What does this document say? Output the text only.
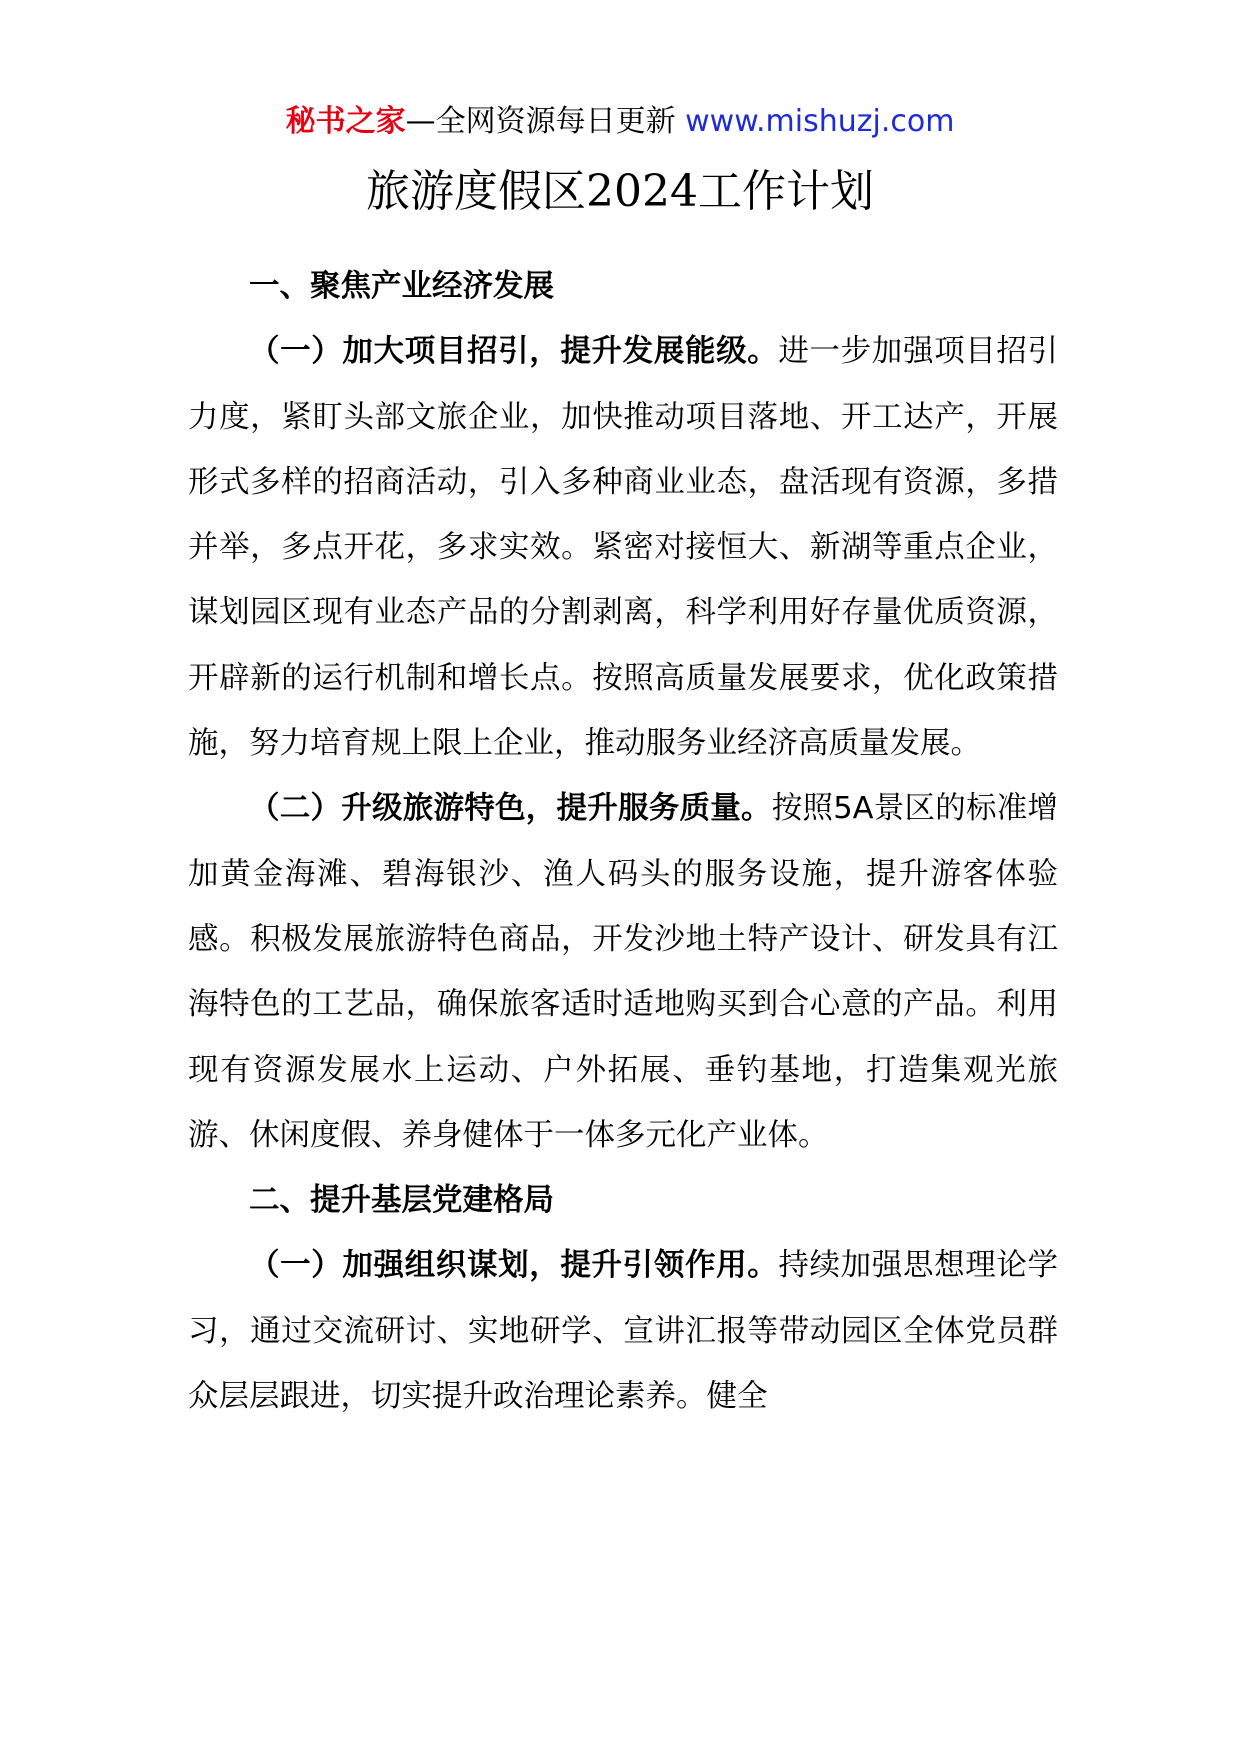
秘书之家—全网资源每日更新 www.mishuzj.com
旅游度假区2024工作计划

一、聚焦产业经济发展

（一）加大项目招引，提升发展能级。进一步加强项目招引力度，紧盯头部文旅企业，加快推动项目落地、开工达产，开展形式多样的招商活动，引入多种商业业态，盘活现有资源，多措并举，多点开花，多求实效。紧密对接恒大、新湖等重点企业，谋划园区现有业态产品的分割剥离，科学利用好存量优质资源，开辟新的运行机制和增长点。按照高质量发展要求，优化政策措施，努力培育规上限上企业，推动服务业经济高质量发展。

（二）升级旅游特色，提升服务质量。按照5A景区的标准增加黄金海滩、碧海银沙、渔人码头的服务设施，提升游客体验感。积极发展旅游特色商品，开发沙地土特产设计、研发具有江海特色的工艺品，确保旅客适时适地购买到合心意的产品。利用现有资源发展水上运动、户外拓展、垂钓基地，打造集观光旅游、休闲度假、养身健体于一体多元化产业体。

二、提升基层党建格局

（一）加强组织谋划，提升引领作用。持续加强思想理论学习，通过交流研讨、实地研学、宣讲汇报等带动园区全体党员群众层层跟进，切实提升政治理论素养。健全
